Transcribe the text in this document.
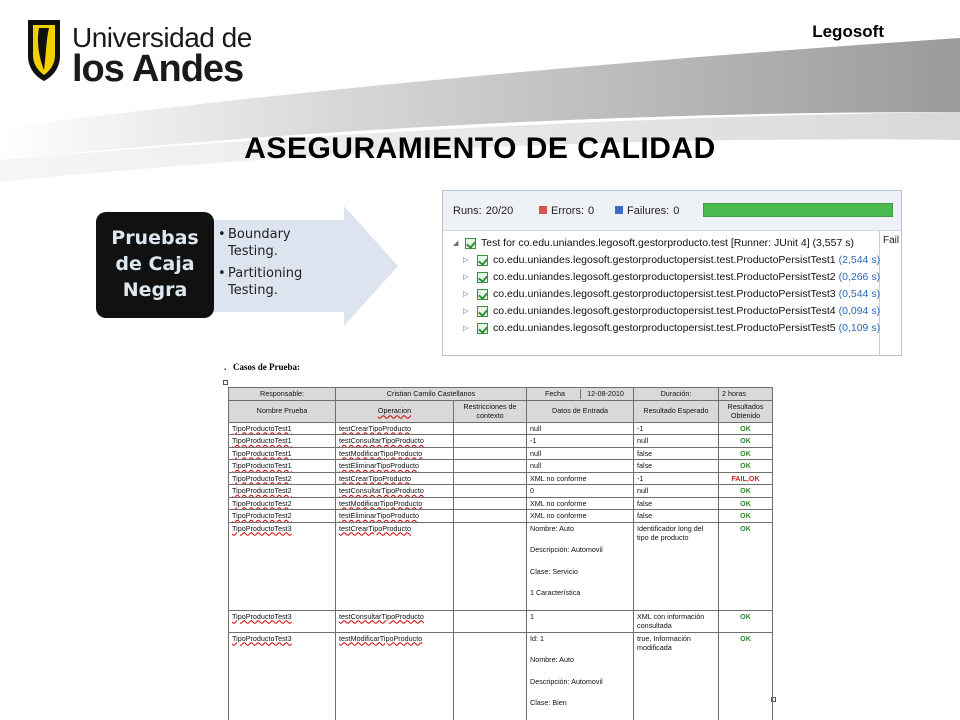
Universidad de
los Andes
Legosoft
ASEGURAMIENTO DE CALIDAD
Pruebas de Caja Negra
• Boundary Testing.
• Partitioning Testing.
Runs: 20/20	Errors: 0	Failures: 0
Fail
◢ Test for co.edu.uniandes.legosoft.gestorproducto.test [Runner: JUnit 4] (3,557 s)
▷ co.edu.uniandes.legosoft.gestorproductopersist.test.ProductoPersistTest1 (2,544 s)
▷ co.edu.uniandes.legosoft.gestorproductopersist.test.ProductoPersistTest2 (0,266 s)
▷ co.edu.uniandes.legosoft.gestorproductopersist.test.ProductoPersistTest3 (0,544 s)
▷ co.edu.uniandes.legosoft.gestorproductopersist.test.ProductoPersistTest4 (0,094 s)
▷ co.edu.uniandes.legosoft.gestorproductopersist.test.ProductoPersistTest5 (0,109 s)
. Casos de Prueba:
Responsable:	Cristian Camilo Castellanos		Fecha 12-08-2010	Duración:	2 horas
Nombre Prueba	Operacion	Restricciones de contexto	Datos de Entrada	Resultado Esperado	Resultados Obtenido
TipoProductoTest1	testCrearTipoProducto		null	-1	OK
TipoProductoTest1	testConsultarTipoProducto		-1	null	OK
TipoProductoTest1	testModificarTipoProducto		null	false	OK
TipoProductoTest1	testEliminarTipoProducto		null	false	OK
TipoProductoTest2	testCrearTipoProducto		XML no conforme	-1	FAIL,OK
TipoProductoTest2	testConsultarTipoProducto		0	null	OK
TipoProductoTest2	testModificarTipoProducto		XML no conforme	false	OK
TipoProductoTest2	testEliminarTipoProducto		XML no conforme	false	OK
TipoProductoTest3	testCrearTipoProducto		Nombre: Auto

Descripción: Automovil

Clase: Servicio

1 Característica	Identificador long del tipo de producto	OK
TipoProductoTest3	testConsultarTipoProducto		1	XML con información consultada	OK
TipoProductoTest3	testModificarTipoProducto		Id: 1

Nombre: Auto

Descripción: Automovil

Clase: Bien	true, Información modificada	OK
